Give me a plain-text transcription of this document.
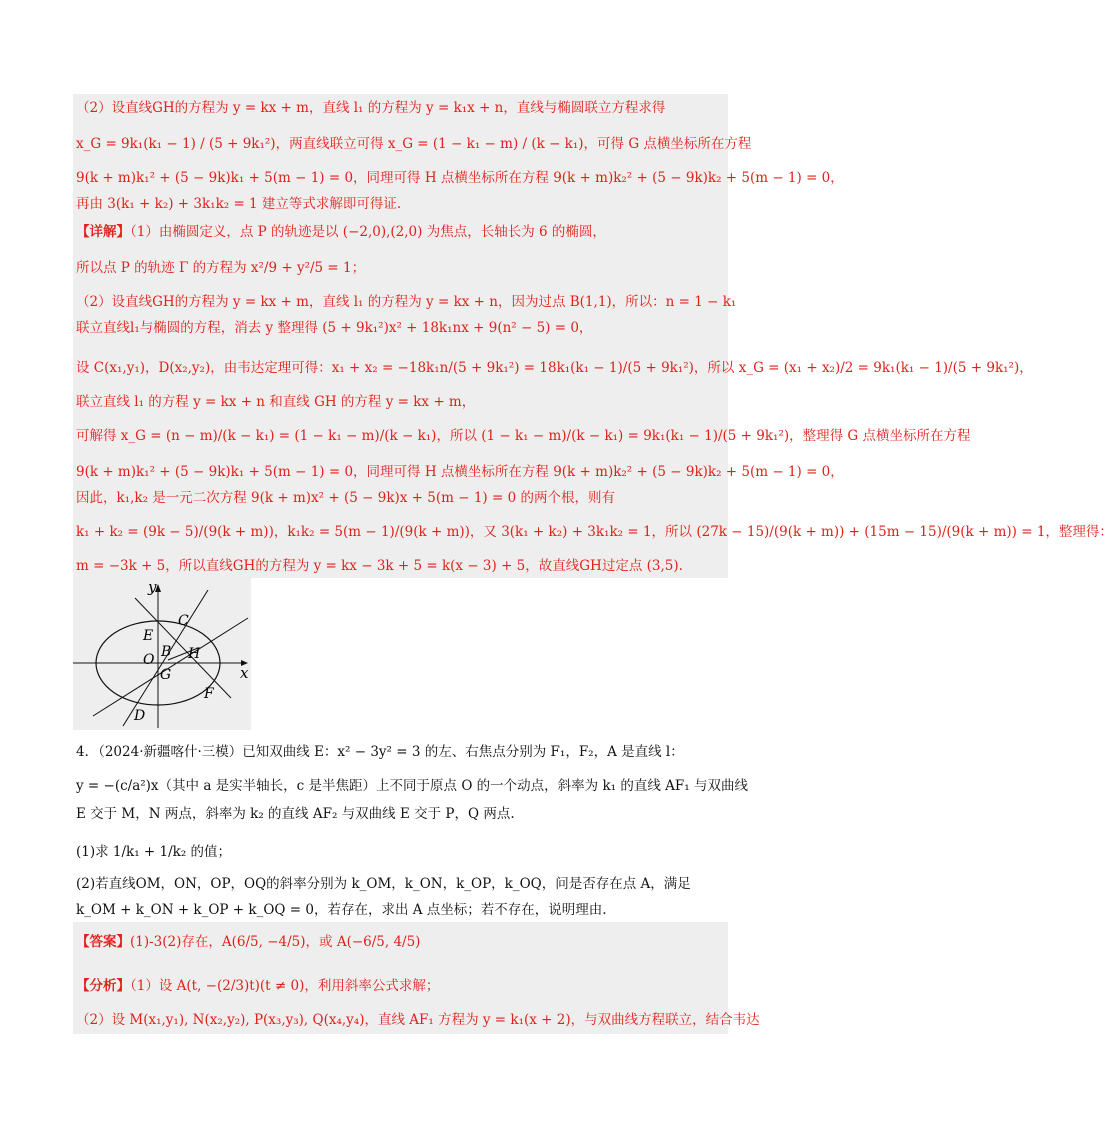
（2）设直线GH的方程为 y = kx + m，直线 l₁ 的方程为 y = k₁x + n，直线与椭圆联立方程求得
x_G = 9k₁(k₁ − 1) / (5 + 9k₁²)，两直线联立可得 x_G = (1 − k₁ − m) / (k − k₁)，可得 G 点横坐标所在方程
9(k + m)k₁² + (5 − 9k)k₁ + 5(m − 1) = 0，同理可得 H 点横坐标所在方程 9(k + m)k₂² + (5 − 9k)k₂ + 5(m − 1) = 0，
再由 3(k₁ + k₂) + 3k₁k₂ = 1 建立等式求解即可得证.
【详解】（1）由椭圆定义，点 P 的轨迹是以 (−2,0),(2,0) 为焦点，长轴长为 6 的椭圆，
所以点 P 的轨迹 Γ 的方程为 x²/9 + y²/5 = 1；
（2）设直线GH的方程为 y = kx + m，直线 l₁ 的方程为 y = kx + n，因为过点 B(1,1)，所以：n = 1 − k₁
联立直线l₁与椭圆的方程，消去 y 整理得 (5 + 9k₁²)x² + 18k₁nx + 9(n² − 5) = 0，
设 C(x₁,y₁)，D(x₂,y₂)，由韦达定理可得：x₁ + x₂ = −18k₁n/(5 + 9k₁²) = 18k₁(k₁ − 1)/(5 + 9k₁²)，所以 x_G = (x₁ + x₂)/2 = 9k₁(k₁ − 1)/(5 + 9k₁²)，
联立直线 l₁ 的方程 y = kx + n 和直线 GH 的方程 y = kx + m，
可解得 x_G = (n − m)/(k − k₁) = (1 − k₁ − m)/(k − k₁)，所以 (1 − k₁ − m)/(k − k₁) = 9k₁(k₁ − 1)/(5 + 9k₁²)，整理得 G 点横坐标所在方程
9(k + m)k₁² + (5 − 9k)k₁ + 5(m − 1) = 0，同理可得 H 点横坐标所在方程 9(k + m)k₂² + (5 − 9k)k₂ + 5(m − 1) = 0，
因此，k₁,k₂ 是一元二次方程 9(k + m)x² + (5 − 9k)x + 5(m − 1) = 0 的两个根，则有
k₁ + k₂ = (9k − 5)/(9(k + m))，k₁k₂ = 5(m − 1)/(9(k + m))，又 3(k₁ + k₂) + 3k₁k₂ = 1，所以 (27k − 15)/(9(k + m)) + (15m − 15)/(9(k + m)) = 1，整理得：
m = −3k + 5，所以直线GH的方程为 y = kx − 3k + 5 = k(x − 3) + 5，故直线GH过定点 (3,5).
y
x
O
C
E
B H
G
F
D
4．（2024·新疆喀什·三模）已知双曲线 E：x² − 3y² = 3 的左、右焦点分别为 F₁，F₂，A 是直线 l：
y = −(c/a²)x（其中 a 是实半轴长，c 是半焦距）上不同于原点 O 的一个动点，斜率为 k₁ 的直线 AF₁ 与双曲线
E 交于 M，N 两点，斜率为 k₂ 的直线 AF₂ 与双曲线 E 交于 P，Q 两点.
(1)求 1/k₁ + 1/k₂ 的值；
(2)若直线OM，ON，OP，OQ的斜率分别为 k_OM，k_ON，k_OP，k_OQ，问是否存在点 A，满足
k_OM + k_ON + k_OP + k_OQ = 0，若存在，求出 A 点坐标；若不存在，说明理由.
【答案】(1)-3(2)存在，A(6/5, −4/5)，或 A(−6/5, 4/5)
【分析】（1）设 A(t, −(2/3)t)(t ≠ 0)，利用斜率公式求解；
（2）设 M(x₁,y₁), N(x₂,y₂), P(x₃,y₃), Q(x₄,y₄)，直线 AF₁ 方程为 y = k₁(x + 2)，与双曲线方程联立，结合韦达
